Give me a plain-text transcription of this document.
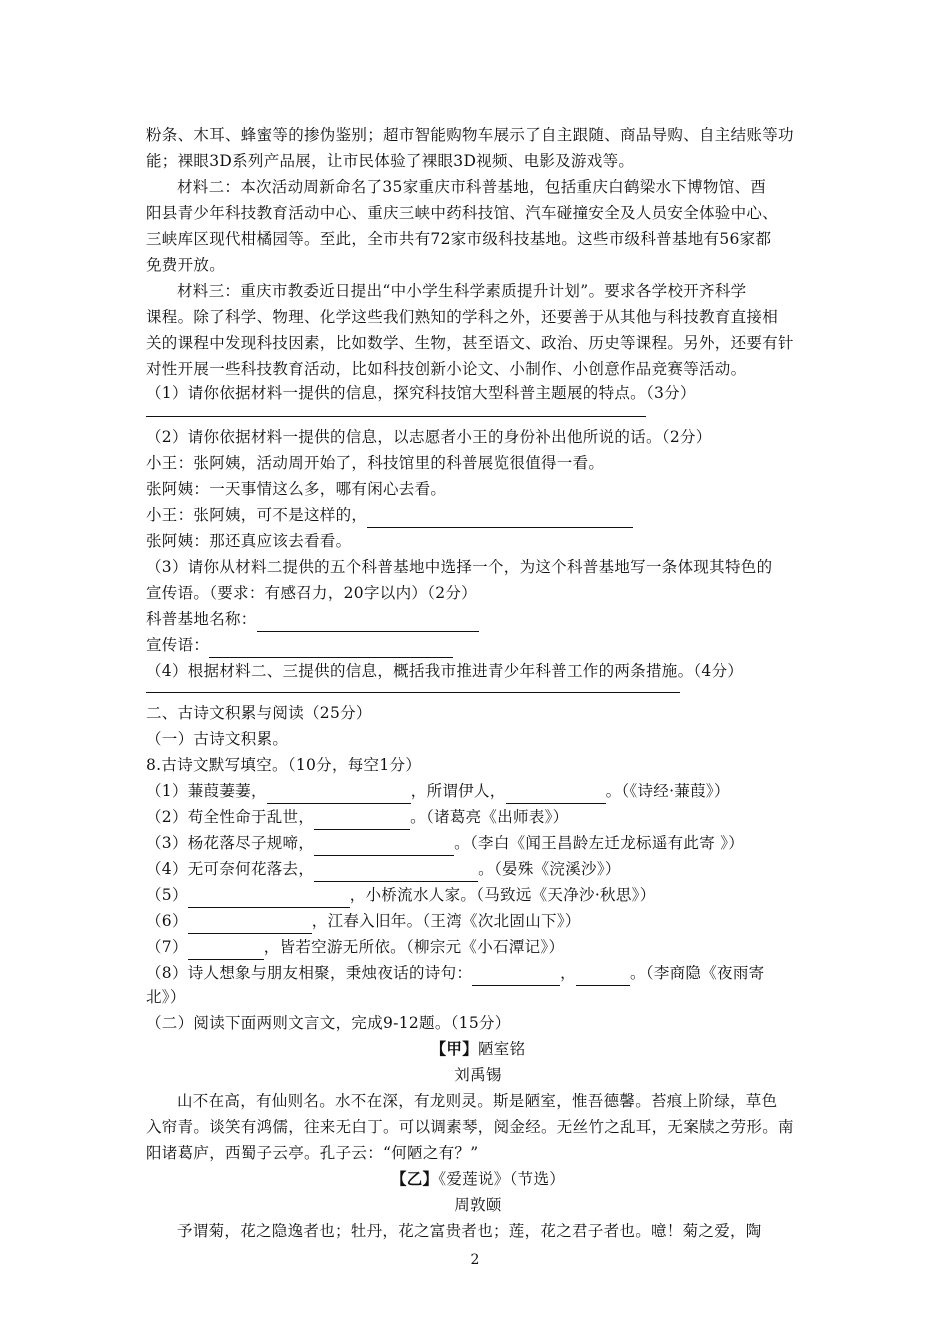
粉条、木耳、蜂蜜等的掺伪鉴别；超市智能购物车展示了自主跟随、商品导购、自主结账等功
能；裸眼3D系列产品展，让市民体验了裸眼3D视频、电影及游戏等。
材料二：本次活动周新命名了35家重庆市科普基地，包括重庆白鹤梁水下博物馆、酉
阳县青少年科技教育活动中心、重庆三峡中药科技馆、汽车碰撞安全及人员安全体验中心、
三峡库区现代柑橘园等。至此，全市共有72家市级科技基地。这些市级科普基地有56家都
免费开放。
材料三：重庆市教委近日提出“中小学生科学素质提升计划”。要求各学校开齐科学
课程。除了科学、物理、化学这些我们熟知的学科之外，还要善于从其他与科技教育直接相
关的课程中发现科技因素，比如数学、生物，甚至语文、政治、历史等课程。另外，还要有针
对性开展一些科技教育活动，比如科技创新小论文、小制作、小创意作品竞赛等活动。
（1）请你依据材料一提供的信息，探究科技馆大型科普主题展的特点。（3分）
（2）请你依据材料一提供的信息，以志愿者小王的身份补出他所说的话。（2分）
小王：张阿姨，活动周开始了，科技馆里的科普展览很值得一看。
张阿姨：一天事情这么多，哪有闲心去看。
小王：张阿姨，可不是这样的，
张阿姨：那还真应该去看看。
（3）请你从材料二提供的五个科普基地中选择一个，为这个科普基地写一条体现其特色的
宣传语。（要求：有感召力，20字以内）（2分）
科普基地名称：
宣传语：
（4）根据材料二、三提供的信息，概括我市推进青少年科普工作的两条措施。（4分）
二、古诗文积累与阅读（25分）
（一）古诗文积累。
8.古诗文默写填空。（10分，每空1分）
（1）蒹葭萋萋，	，所谓伊人，	。（《诗经·蒹葭》）
（2）苟全性命于乱世，	。（诸葛亮《出师表》）
（3）杨花落尽子规啼，	。（李白《闻王昌龄左迁龙标遥有此寄 》）
（4）无可奈何花落去，	。（晏殊《浣溪沙》）
（5）	，小桥流水人家。（马致远《天净沙·秋思》）
（6）	，江春入旧年。（王湾《次北固山下》）
（7）	，皆若空游无所依。（柳宗元《小石潭记》）
（8）诗人想象与朋友相聚，秉烛夜话的诗句：	，	。（李商隐《夜雨寄
北》）
（二）阅读下面两则文言文，完成9-12题。（15分）
【甲】陋室铭
刘禹锡
山不在高，有仙则名。水不在深，有龙则灵。斯是陋室，惟吾德馨。苔痕上阶绿，草色
入帘青。谈笑有鸿儒，往来无白丁。可以调素琴，阅金经。无丝竹之乱耳，无案牍之劳形。南
阳诸葛庐，西蜀子云亭。孔子云：“何陋之有？”
【乙】《爱莲说》（节选）
周敦颐
予谓菊，花之隐逸者也；牡丹，花之富贵者也；莲，花之君子者也。噫！菊之爱，陶
2
